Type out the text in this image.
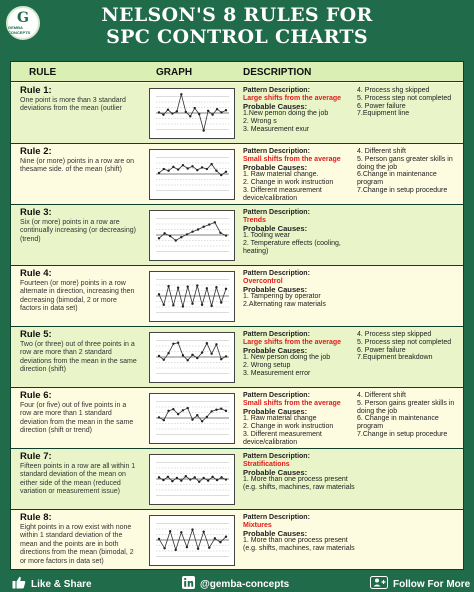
G
GEMBA CONCEPTS
NELSON'S 8 RULES FOR
SPC CONTROL CHARTS
RULE	GRAPH	DESCRIPTION
Rule 1:
One point is more than 3 standard deviations from the mean (outlier
Pattern Description:
Large shifts from the average
Probable Causes:
1.New pemon doing the job
2. Wrong s
3. Measurement exur
4. Process shg skipped
5. Process step not completed
6. Power failure
7.Equipment line
Rule 2:
Nine (or more) points in a row are on thesame side. of the mean (shift)
Pattern Description:
Small shifts from the average
Probable Causes:
1. Raw material change.
2. Change in work instruction
3. Different measurement device/calibration
4. Different shift
5. Person gans greater skills in doing the job
6.Change in maintenance program
7.Change in setup procedure
Rule 3:
Six (or more) points in a row are continually increasing (or decreasing) (trend)
Pattern Description:
Trends
Probable Causes:
1. Tooling wear
2. Temperature effects (cooling, heating)
Rule 4:
Fourteen (or more) points in a row alternate in direction, increasing then decreasing (bimodal, 2 or more factors in data set)
Pattern Description:
Overcontrol
Probable Causes:
1. Tampering by operator
2.Alternating raw materials
Rule 5:
Two (or three) out of three points in a row are more than 2 standard deviations from the mean in the same direction (shift)
Pattern Description:
Large shifts from the average
Probable Causes:
1. New person doing the job
2. Wrong setup
3. Measurement error
4. Process step skipped
5. Process step not completed
6. Power failure
7.Equipment breakdown
Rule 6:
Four (or five) out of five points in a row are more than 1 standard deviation from the mean in the same direction (shift or trend)
Pattern Description:
Small shifts from the average
Probable Causes:
1. Raw material change
2. Change in work instruction
3. Different measurement device/calibration
4. Different shift
5. Person gains greater skills in doing the job
6. Change in maintenance program
7.Change in setup procedure
Rule 7:
Fifteen points in a row are all within 1 standard deviation of the mean on either side of the mean (reduced variation or measurement issue)
Pattern Description:
Stratifications
Probable Causes:
1. More than one process present (e.g. shifts, machines, raw materials
Rule 8:
Eight points in a row exist with none within 1 standard deviation of the mean and the points are in both directions from the mean (bimodal, 2 or more factors in data set)
Pattern Description:
Mixtures
Probable Causes:
1. More than one process present (e.g. shifts, machines, raw materials
Like & Share	@gemba-concepts	Follow For More
